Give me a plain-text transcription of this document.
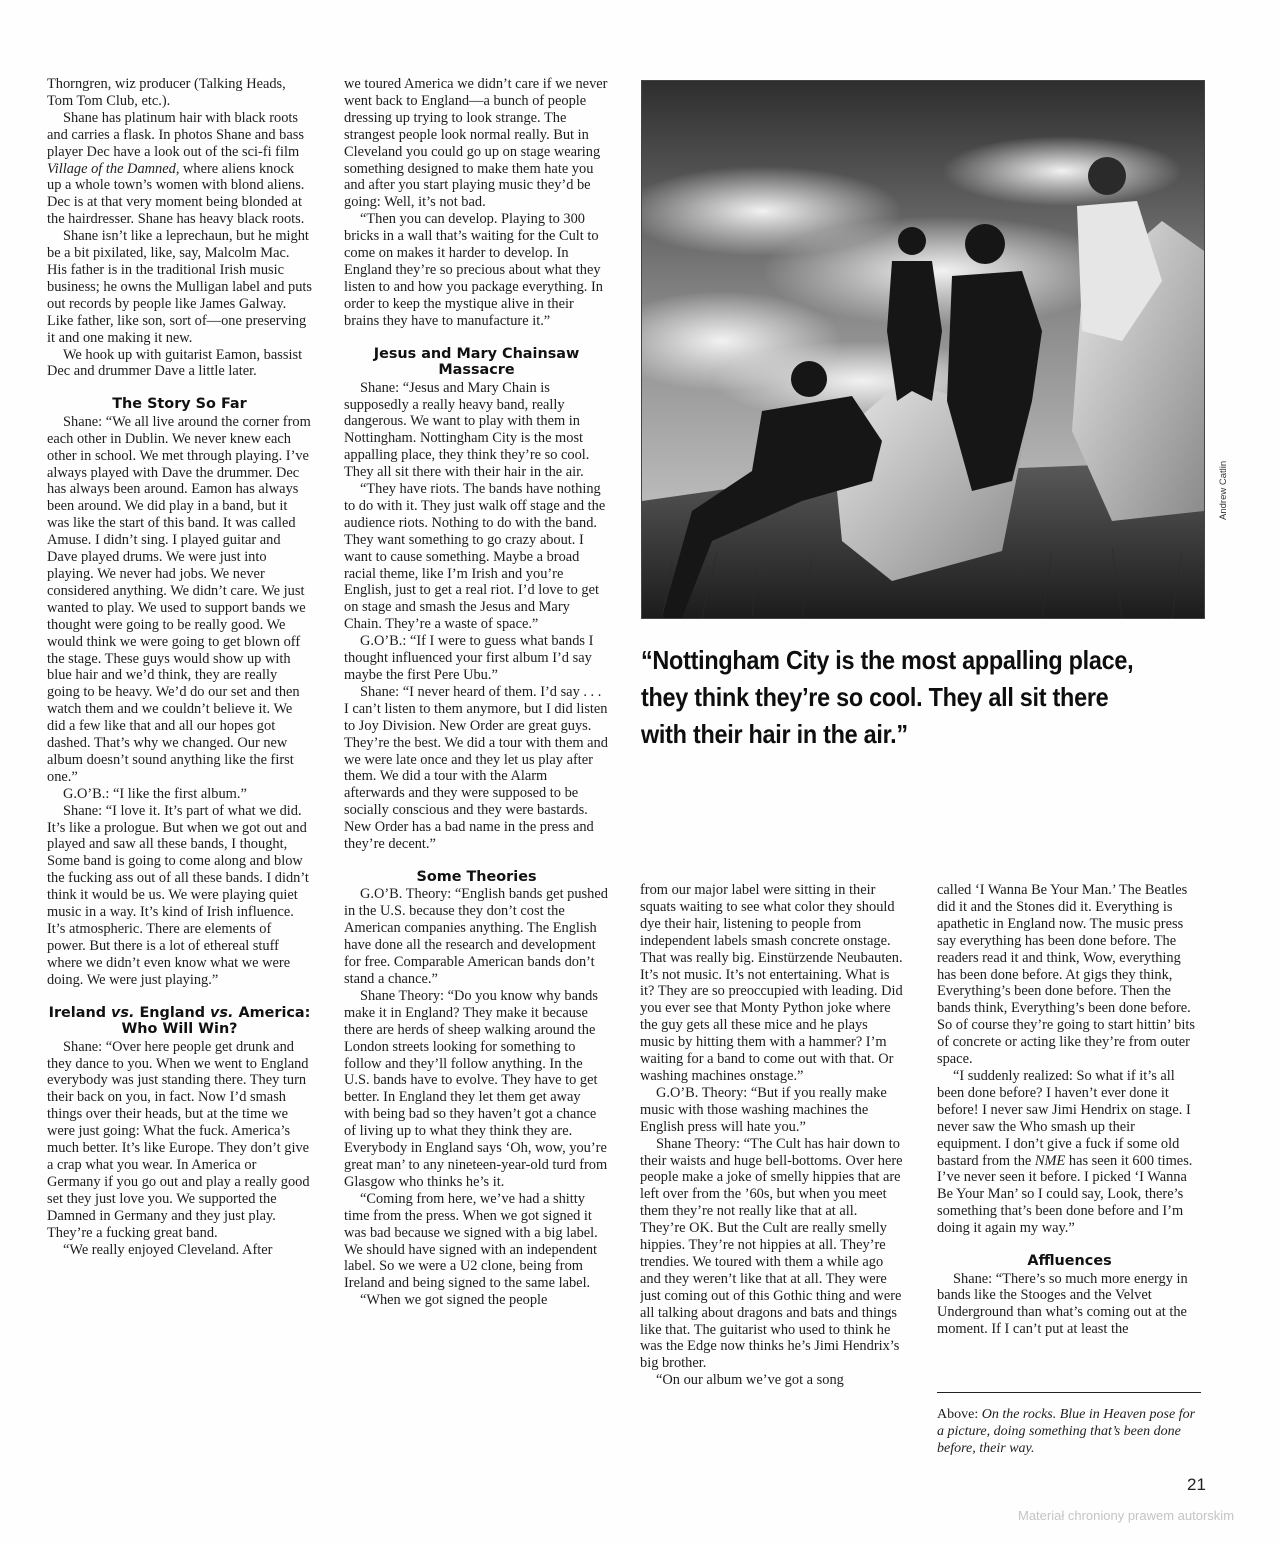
Thorngren, wiz producer (Talking Heads, Tom Tom Club, etc.).

Shane has platinum hair with black roots and carries a flask. In photos Shane and bass player Dec have a look out of the sci-fi film Village of the Damned, where aliens knock up a whole town’s women with blond aliens. Dec is at that very moment being blonded at the hairdresser. Shane has heavy black roots.

Shane isn’t like a leprechaun, but he might be a bit pixilated, like, say, Malcolm Mac. His father is in the traditional Irish music business; he owns the Mulligan label and puts out records by people like James Galway. Like father, like son, sort of—one preserving it and one making it new.

We hook up with guitarist Eamon, bassist Dec and drummer Dave a little later.

The Story So Far

Shane: “We all live around the corner from each other in Dublin. We never knew each other in school. We met through playing. I’ve always played with Dave the drummer. Dec has always been around. Eamon has always been around. We did play in a band, but it was like the start of this band. It was called Amuse. I didn’t sing. I played guitar and Dave played drums. We were just into playing. We never had jobs. We never considered anything. We didn’t care. We just wanted to play. We used to support bands we thought were going to be really good. We would think we were going to get blown off the stage. These guys would show up with blue hair and we’d think, they are really going to be heavy. We’d do our set and then watch them and we couldn’t believe it. We did a few like that and all our hopes got dashed. That’s why we changed. Our new album doesn’t sound anything like the first one.”

G.O’B.: “I like the first album.”

Shane: “I love it. It’s part of what we did. It’s like a prologue. But when we got out and played and saw all these bands, I thought, Some band is going to come along and blow the fucking ass out of all these bands. I didn’t think it would be us. We were playing quiet music in a way. It’s kind of Irish influence. It’s atmospheric. There are elements of power. But there is a lot of ethereal stuff where we didn’t even know what we were doing. We were just playing.”

Ireland vs. England vs. America:
Who Will Win?

Shane: “Over here people get drunk and they dance to you. When we went to England everybody was just standing there. They turn their back on you, in fact. Now I’d smash things over their heads, but at the time we were just going: What the fuck. America’s much better. It’s like Europe. They don’t give a crap what you wear. In America or Germany if you go out and play a really good set they just love you. We supported the Damned in Germany and they just play. They’re a fucking great band.

“We really enjoyed Cleveland. After

we toured America we didn’t care if we never went back to England—a bunch of people dressing up trying to look strange. The strangest people look normal really. But in Cleveland you could go up on stage wearing something designed to make them hate you and after you start playing music they’d be going: Well, it’s not bad.

“Then you can develop. Playing to 300 bricks in a wall that’s waiting for the Cult to come on makes it harder to develop. In England they’re so precious about what they listen to and how you package everything. In order to keep the mystique alive in their brains they have to manufacture it.”

Jesus and Mary Chainsaw
Massacre

Shane: “Jesus and Mary Chain is supposedly a really heavy band, really dangerous. We want to play with them in Nottingham. Nottingham City is the most appalling place, they think they’re so cool. They all sit there with their hair in the air.

“They have riots. The bands have nothing to do with it. They just walk off stage and the audience riots. Nothing to do with the band. They want something to go crazy about. I want to cause something. Maybe a broad racial theme, like I’m Irish and you’re English, just to get a real riot. I’d love to get on stage and smash the Jesus and Mary Chain. They’re a waste of space.”

G.O’B.: “If I were to guess what bands I thought influenced your first album I’d say maybe the first Pere Ubu.”

Shane: “I never heard of them. I’d say . . . I can’t listen to them anymore, but I did listen to Joy Division. New Order are great guys. They’re the best. We did a tour with them and we were late once and they let us play after them. We did a tour with the Alarm afterwards and they were supposed to be socially conscious and they were bastards. New Order has a bad name in the press and they’re decent.”

Some Theories

G.O’B. Theory: “English bands get pushed in the U.S. because they don’t cost the American companies anything. The English have done all the research and development for free. Comparable American bands don’t stand a chance.”

Shane Theory: “Do you know why bands make it in England? They make it because there are herds of sheep walking around the London streets looking for something to follow and they’ll follow anything. In the U.S. bands have to evolve. They have to get better. In England they let them get away with being bad so they haven’t got a chance of living up to what they think they are. Everybody in England says ‘Oh, wow, you’re great man’ to any nineteen-year-old turd from Glasgow who thinks he’s it.

“Coming from here, we’ve had a shitty time from the press. When we got signed it was bad because we signed with a big label. We should have signed with an independent label. So we were a U2 clone, being from Ireland and being signed to the same label.

“When we got signed the people

from our major label were sitting in their squats waiting to see what color they should dye their hair, listening to people from independent labels smash concrete onstage. That was really big. Einstürzende Neubauten. It’s not music. It’s not entertaining. What is it? They are so preoccupied with leading. Did you ever see that Monty Python joke where the guy gets all these mice and he plays music by hitting them with a hammer? I’m waiting for a band to come out with that. Or washing machines onstage.”

G.O’B. Theory: “But if you really make music with those washing machines the English press will hate you.”

Shane Theory: “The Cult has hair down to their waists and huge bell-bottoms. Over here people make a joke of smelly hippies that are left over from the ’60s, but when you meet them they’re not really like that at all. They’re OK. But the Cult are really smelly hippies. They’re not hippies at all. They’re trendies. We toured with them a while ago and they weren’t like that at all. They were just coming out of this Gothic thing and were all talking about dragons and bats and things like that. The guitarist who used to think he was the Edge now thinks he’s Jimi Hendrix’s big brother.

“On our album we’ve got a song

called ‘I Wanna Be Your Man.’ The Beatles did it and the Stones did it. Everything is apathetic in England now. The music press say everything has been done before. The readers read it and think, Wow, everything has been done before. At gigs they think, Everything’s been done before. Then the bands think, Everything’s been done before. So of course they’re going to start hittin’ bits of concrete or acting like they’re from outer space.

“I suddenly realized: So what if it’s all been done before? I haven’t ever done it before! I never saw Jimi Hendrix on stage. I never saw the Who smash up their equipment. I don’t give a fuck if some old bastard from the NME has seen it 600 times. I’ve never seen it before. I picked ‘I Wanna Be Your Man’ so I could say, Look, there’s something that’s been done before and I’m doing it again my way.”

Affluences

Shane: “There’s so much more energy in bands like the Stooges and the Velvet Underground than what’s coming out at the moment. If I can’t put at least the

Andrew Catlin

“Nottingham City is the most appalling place, they think they’re so cool. They all sit there with their hair in the air.”

Above: On the rocks. Blue in Heaven pose for a picture, doing something that’s been done before, their way.
21
Materiał chroniony prawem autorskim
